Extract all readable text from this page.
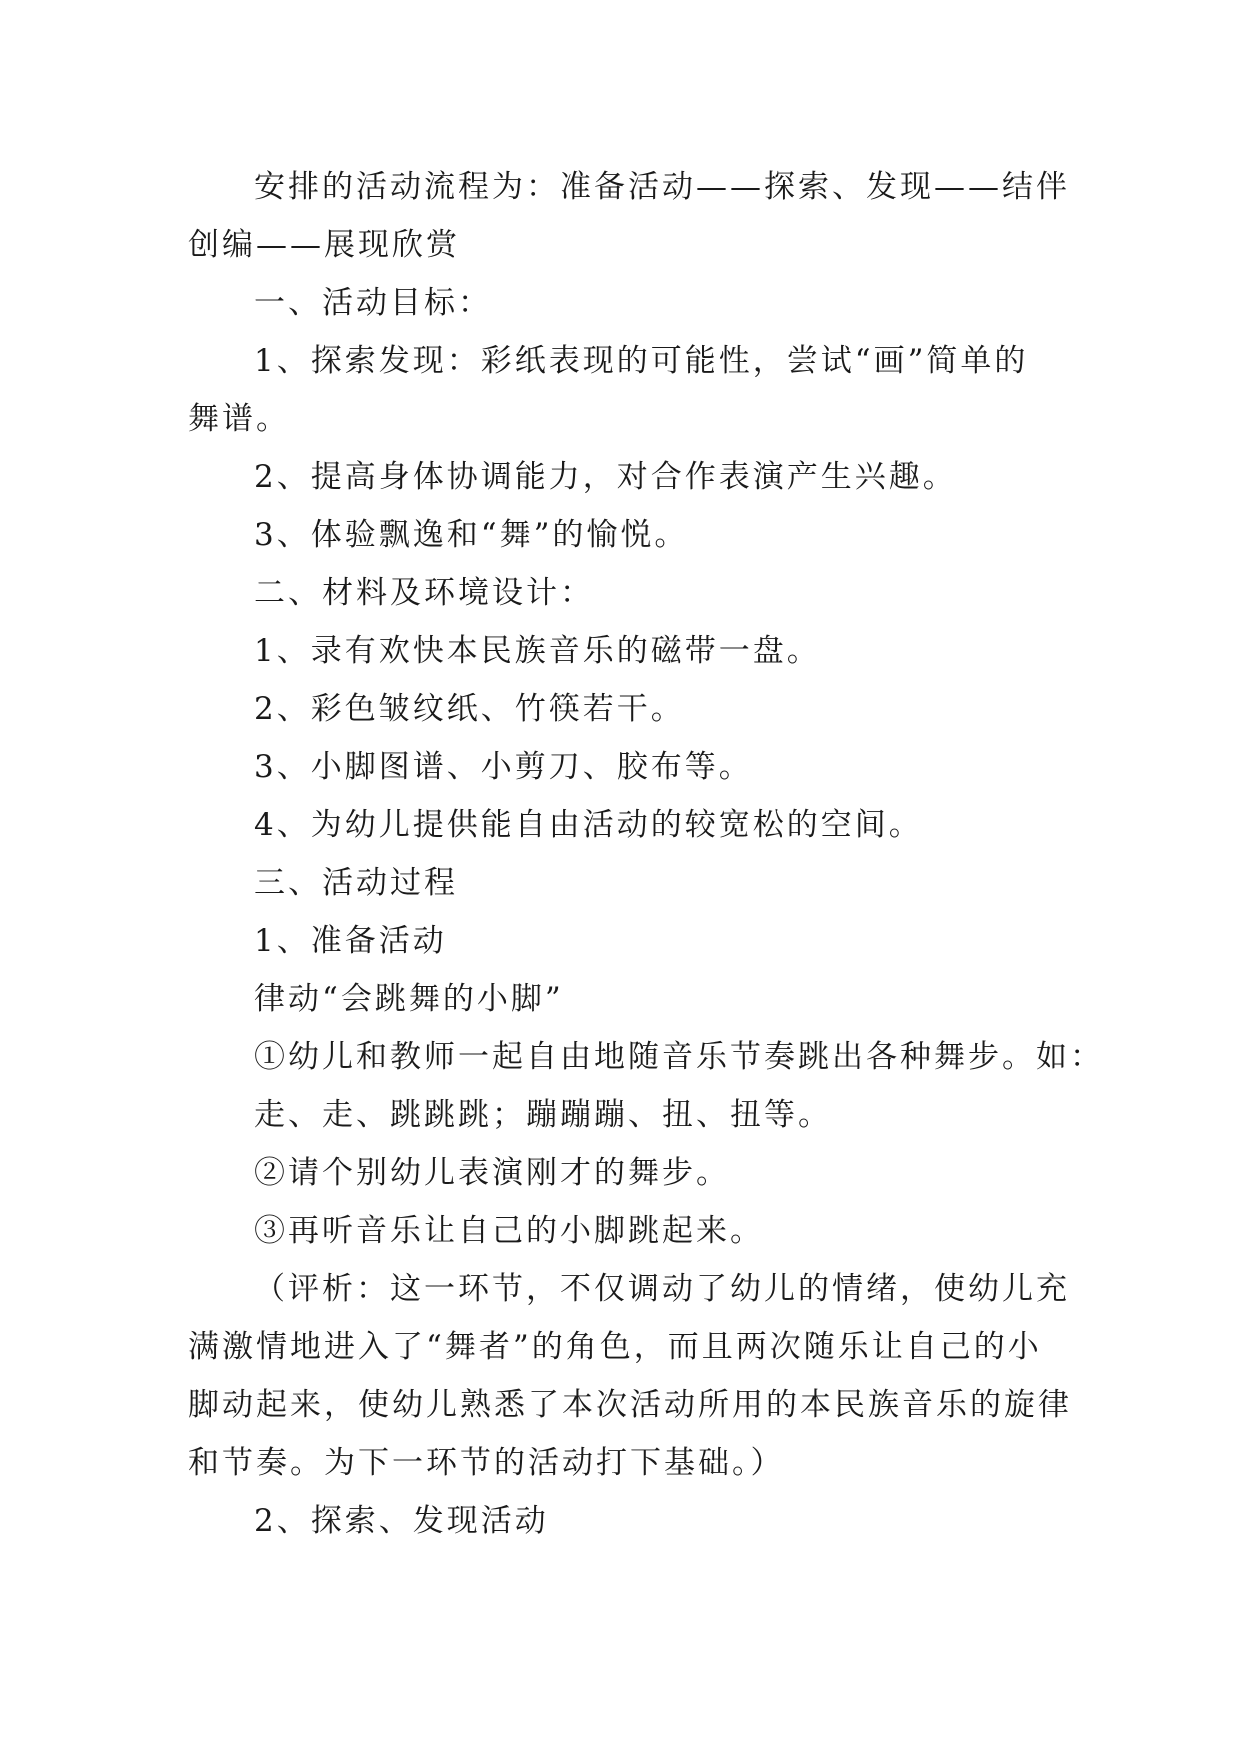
安排的活动流程为：准备活动——探索、发现——结伴

创编——展现欣赏

一、活动目标：

1、探索发现：彩纸表现的可能性，尝试“画”简单的

舞谱。

2、提高身体协调能力，对合作表演产生兴趣。

3、体验飘逸和“舞”的愉悦。

二、材料及环境设计：

1、录有欢快本民族音乐的磁带一盘。

2、彩色皱纹纸、竹筷若干。

3、小脚图谱、小剪刀、胶布等。

4、为幼儿提供能自由活动的较宽松的空间。

三、活动过程

1、准备活动

律动“会跳舞的小脚”

①幼儿和教师一起自由地随音乐节奏跳出各种舞步。如：

走、走、跳跳跳；蹦蹦蹦、扭、扭等。

②请个别幼儿表演刚才的舞步。

③再听音乐让自己的小脚跳起来。

（评析：这一环节，不仅调动了幼儿的情绪，使幼儿充

满激情地进入了“舞者”的角色，而且两次随乐让自己的小

脚动起来，使幼儿熟悉了本次活动所用的本民族音乐的旋律

和节奏。为下一环节的活动打下基础。）

2、探索、发现活动
